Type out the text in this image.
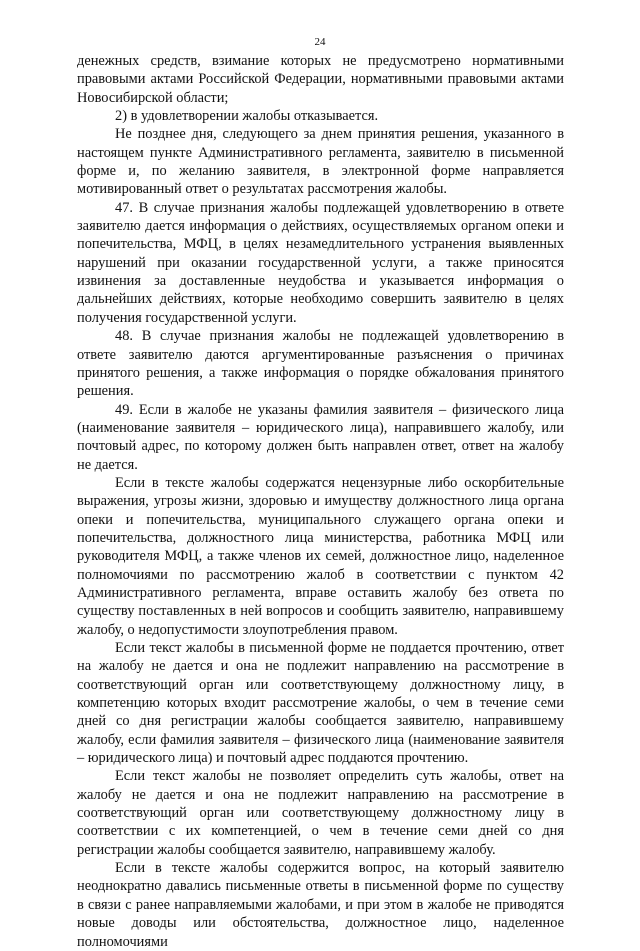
24

денежных средств, взимание которых не предусмотрено нормативными правовыми актами Российской Федерации, нормативными правовыми актами Новосибирской области;

2) в удовлетворении жалобы отказывается.

Не позднее дня, следующего за днем принятия решения, указанного в настоящем пункте Административного регламента, заявителю в письменной форме и, по желанию заявителя, в электронной форме направляется мотивированный ответ о результатах рассмотрения жалобы.

47. В случае признания жалобы подлежащей удовлетворению в ответе заявителю дается информация о действиях, осуществляемых органом опеки и попечительства, МФЦ, в целях незамедлительного устранения выявленных нарушений при оказании государственной услуги, а также приносятся извинения за доставленные неудобства и указывается информация о дальнейших действиях, которые необходимо совершить заявителю в целях получения государственной услуги.

48. В случае признания жалобы не подлежащей удовлетворению в ответе заявителю даются аргументированные разъяснения о причинах принятого решения, а также информация о порядке обжалования принятого решения.

49. Если в жалобе не указаны фамилия заявителя – физического лица (наименование заявителя – юридического лица), направившего жалобу, или почтовый адрес, по которому должен быть направлен ответ, ответ на жалобу не дается.

Если в тексте жалобы содержатся нецензурные либо оскорбительные выражения, угрозы жизни, здоровью и имуществу должностного лица органа опеки и попечительства, муниципального служащего органа опеки и попечительства, должностного лица министерства, работника МФЦ или руководителя МФЦ, а также членов их семей, должностное лицо, наделенное полномочиями по рассмотрению жалоб в соответствии с пунктом 42 Административного регламента, вправе оставить жалобу без ответа по существу поставленных в ней вопросов и сообщить заявителю, направившему жалобу, о недопустимости злоупотребления правом.

Если текст жалобы в письменной форме не поддается прочтению, ответ на жалобу не дается и она не подлежит направлению на рассмотрение в соответствующий орган или соответствующему должностному лицу, в компетенцию которых входит рассмотрение жалобы, о чем в течение семи дней со дня регистрации жалобы сообщается заявителю, направившему жалобу, если фамилия заявителя – физического лица (наименование заявителя – юридического лица) и почтовый адрес поддаются прочтению.

Если текст жалобы не позволяет определить суть жалобы, ответ на жалобу не дается и она не подлежит направлению на рассмотрение в соответствующий орган или соответствующему должностному лицу в соответствии с их компетенцией, о чем в течение семи дней со дня регистрации жалобы сообщается заявителю, направившему жалобу.

Если в тексте жалобы содержится вопрос, на который заявителю неоднократно давались письменные ответы в письменной форме по существу в связи с ранее направляемыми жалобами, и при этом в жалобе не приводятся новые доводы или обстоятельства, должностное лицо, наделенное полномочиями
